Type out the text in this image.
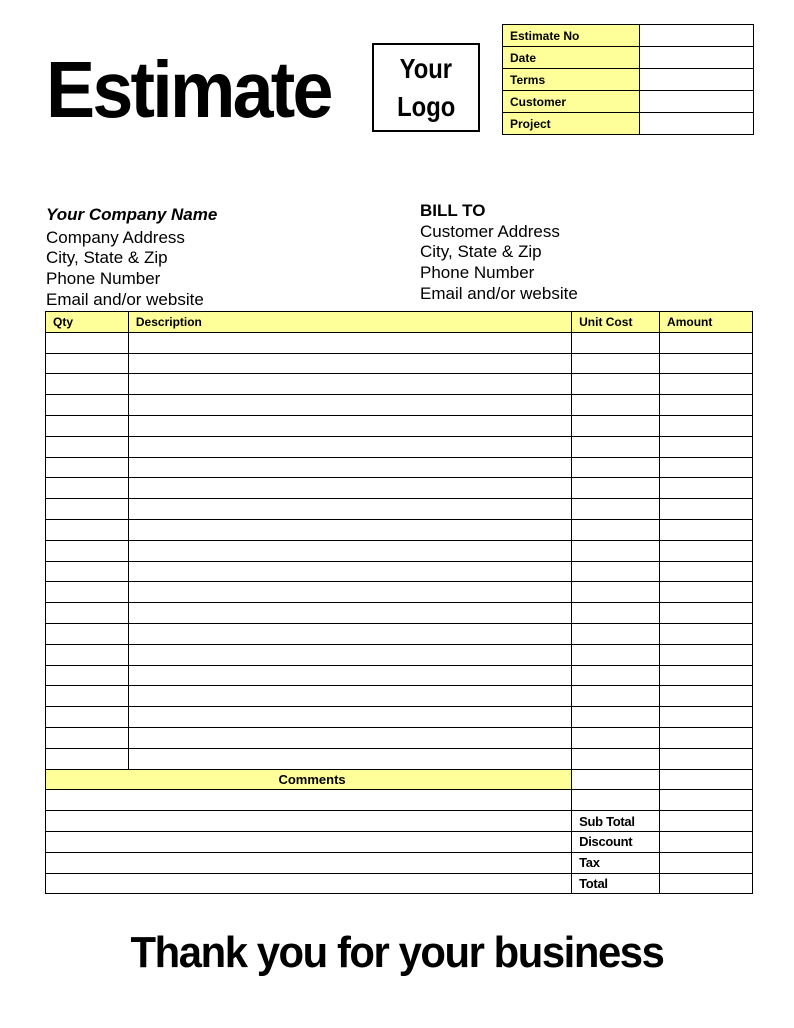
Estimate Your
Logo
Estimate No	
Date	
Terms	
Customer	
Project	
Your Company Name
Company Address
City, State & Zip
Phone Number
Email and/or website
BILL TO
Customer Address
City, State & Zip
Phone Number
Email and/or website
Qty	Description	Unit Cost	Amount

Comments			

		Sub Total	
		Discount	
		Tax	
		Total	
Thank you for your business
